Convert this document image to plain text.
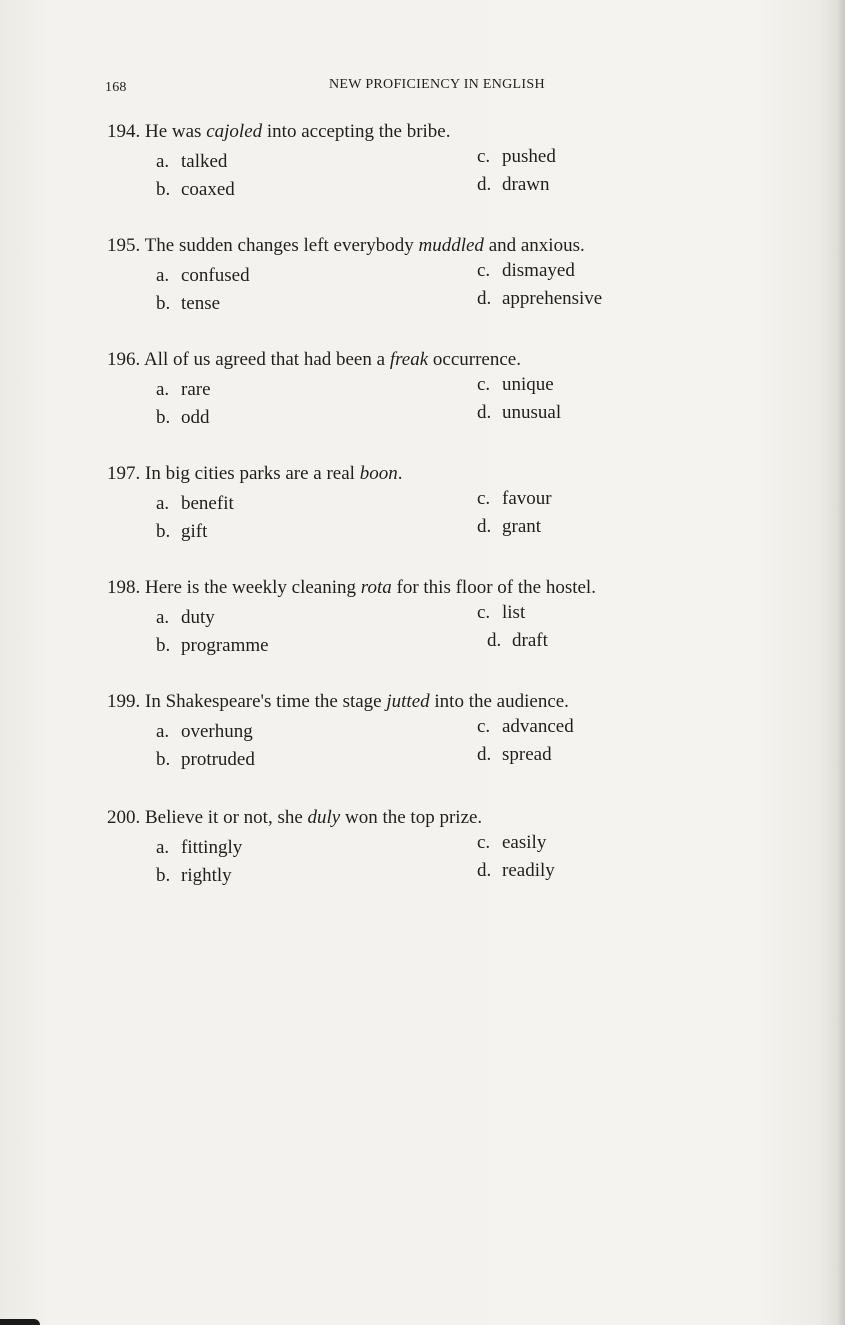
168	NEW PROFICIENCY IN ENGLISH
194. He was cajoled into accepting the bribe.
a. talked
b. coaxed
c. pushed
d. drawn
195. The sudden changes left everybody muddled and anxious.
a. confused
b. tense
c. dismayed
d. apprehensive
196. All of us agreed that had been a freak occurrence.
a. rare
b. odd
c. unique
d. unusual
197. In big cities parks are a real boon.
a. benefit
b. gift
c. favour
d. grant
198. Here is the weekly cleaning rota for this floor of the hostel.
a. duty
b. programme
c. list
d. draft
199. In Shakespeare's time the stage jutted into the audience.
a. overhung
b. protruded
c. advanced
d. spread
200. Believe it or not, she duly won the top prize.
a. fittingly
b. rightly
c. easily
d. readily
